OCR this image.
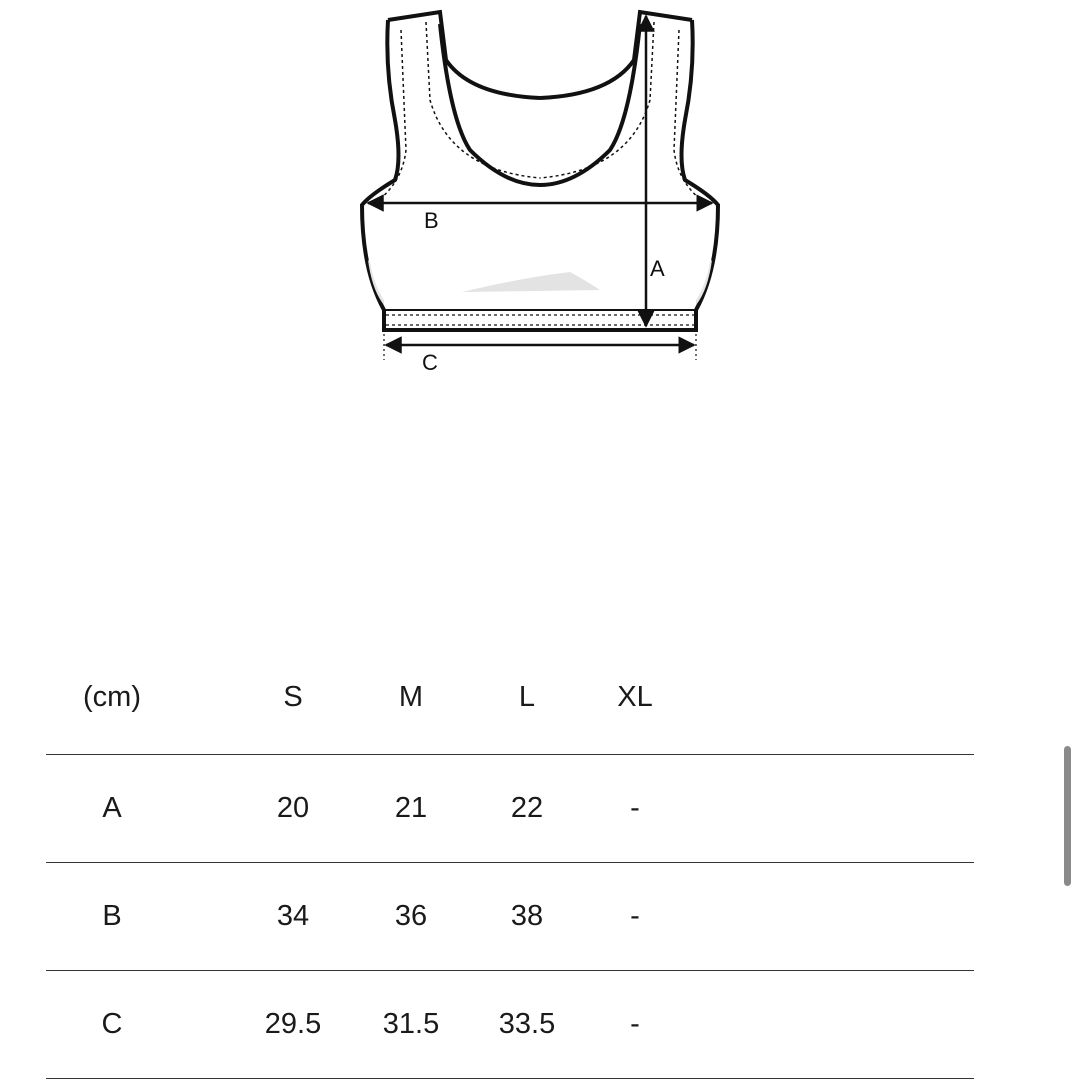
B
A
C
(cm)	S	M	L	XL
A	20	21	22	-
B	34	36	38	-
C	29.5 31.5 33.5	-
